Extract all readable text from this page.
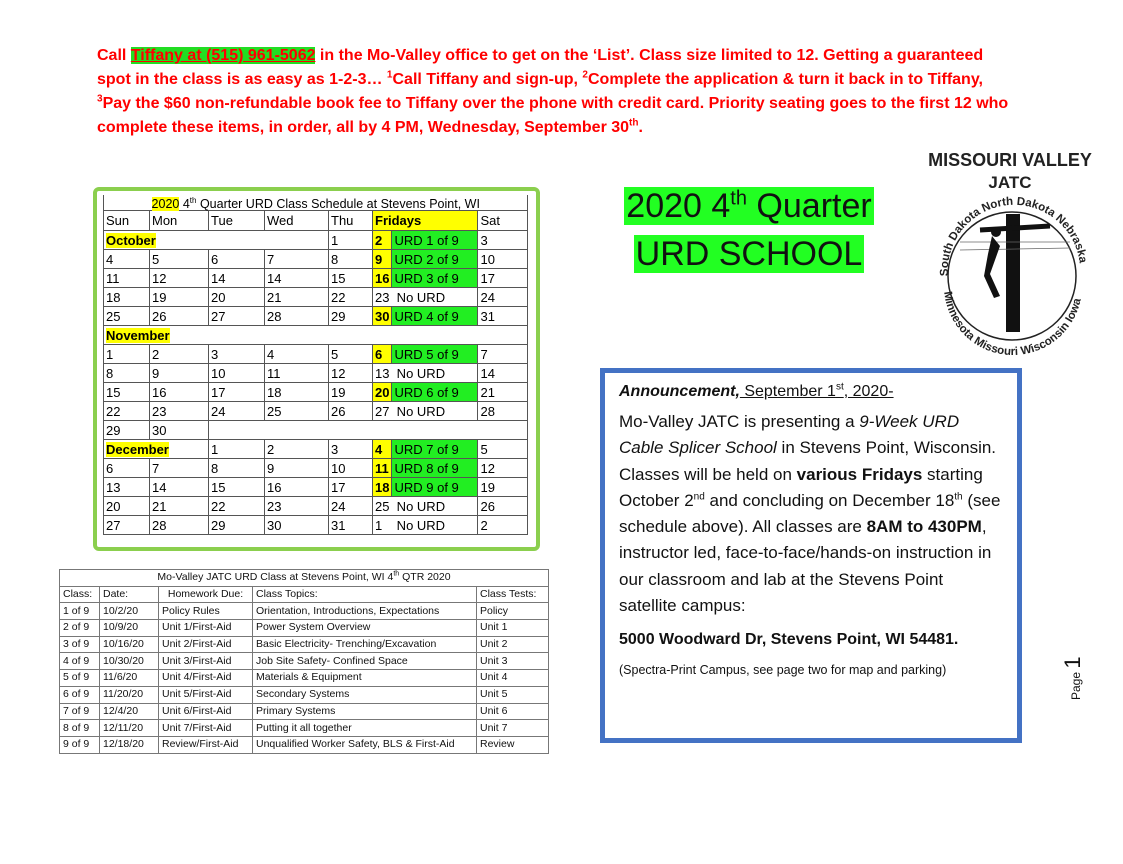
Call Tiffany at (515) 961-5062 in the Mo-Valley office to get on the ‘List’. Class size limited to 12. Getting a guaranteed spot in the class is as easy as 1-2-3… $^1$Call Tiffany and sign-up, $^2$Complete the application & turn it back in to Tiffany, $^3$Pay the $60 non-refundable book fee to Tiffany over the phone with credit card. Priority seating goes to the first 12 who complete these items, in order, all by 4 PM, Wednesday, September 30th.
2020 4th Quarter
URD SCHOOL
MISSOURI VALLEY
JATC
South Dakota North Dakota Nebraska
Minnesota Missouri Wisconsin Iowa
2020 4th Quarter URD Class Schedule at Stevens Point, WI							
Sun	Mon	Tue	Wed	Thu	Fridays		Sat
October				1	2	URD 1 of 9	3
4	5	6	7	8	9	URD 2 of 9	10
11	12	14	14	15	16	URD 3 of 9	17
18	19	20	21	22	23  No URD		24
25	26	27	28	29	30	URD 4 of 9	31
November							
1	2	3	4	5	6	URD 5 of 9	7
8	9	10	11	12	13  No URD		14
15	16	17	18	19	20	URD 6 of 9	21
22	23	24	25	26	27  No URD		28
29	30						
December		1	2	3	4	URD 7 of 9	5
6	7	8	9	10	11	URD 8 of 9	12
13	14	15	16	17	18	URD 9 of 9	19
20	21	22	23	24	25  No URD		26
27	28	29	30	31	1    No URD		2
Announcement, September 1st, 2020-
Mo-Valley JATC is presenting a 9-Week URD Cable Splicer School in Stevens Point, Wisconsin. Classes will be held on various Fridays starting October 2nd and concluding on December 18th (see schedule above). All classes are 8AM to 430PM, instructor led, face-to-face/hands-on instruction in our classroom and lab at the Stevens Point satellite campus:
5000 Woodward Dr, Stevens Point, WI 54481.
(Spectra-Print Campus, see page two for map and parking)
Mo-Valley JATC URD Class at Stevens Point, WI 4th QTR 2020				
Class:	Date:	Homework Due:	Class Topics:	Class Tests:
1 of 9	10/2/20	Policy Rules	Orientation, Introductions, Expectations	Policy
2 of 9	10/9/20	Unit 1/First-Aid	Power System Overview	Unit 1
3 of 9	10/16/20	Unit 2/First-Aid	Basic Electricity- Trenching/Excavation	Unit 2
4 of 9	10/30/20	Unit 3/First-Aid	Job Site Safety- Confined Space	Unit 3
5 of 9	11/6/20	Unit 4/First-Aid	Materials & Equipment	Unit 4
6 of 9	11/20/20	Unit 5/First-Aid	Secondary Systems	Unit 5
7 of 9	12/4/20	Unit 6/First-Aid	Primary Systems	Unit 6
8 of 9	12/11/20	Unit 7/First-Aid	Putting it all together	Unit 7
9 of 9	12/18/20	Review/First-Aid	Unqualified Worker Safety, BLS & First-Aid	Review
Page 1
